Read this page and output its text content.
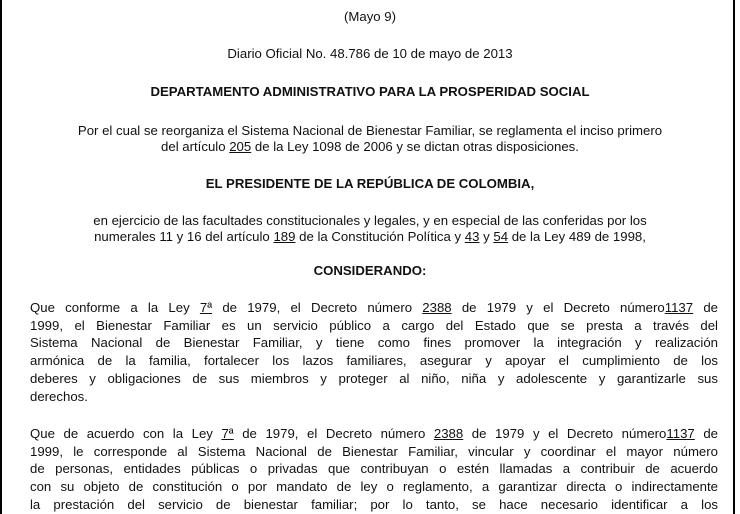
(Mayo 9)
Diario Oficial No. 48.786 de 10 de mayo de 2013
DEPARTAMENTO ADMINISTRATIVO PARA LA PROSPERIDAD SOCIAL
Por el cual se reorganiza el Sistema Nacional de Bienestar Familiar, se reglamenta el inciso primero
del artículo 205 de la Ley 1098 de 2006 y se dictan otras disposiciones.
EL PRESIDENTE DE LA REPÚBLICA DE COLOMBIA,
en ejercicio de las facultades constitucionales y legales, y en especial de las conferidas por los
numerales 11 y 16 del artículo 189 de la Constitución Política y 43 y 54 de la Ley 489 de 1998,
CONSIDERANDO:
Que conforme a la Ley 7ª de 1979, el Decreto número 2388 de 1979 y el Decreto número1137 de
1999, el Bienestar Familiar es un servicio público a cargo del Estado que se presta a través del
Sistema Nacional de Bienestar Familiar, y tiene como fines promover la integración y realización
armónica de la familia, fortalecer los lazos familiares, asegurar y apoyar el cumplimiento de los
deberes y obligaciones de sus miembros y proteger al niño, niña y adolescente y garantizarle sus
derechos.
Que de acuerdo con la Ley 7ª de 1979, el Decreto número 2388 de 1979 y el Decreto número1137 de
1999, le corresponde al Sistema Nacional de Bienestar Familiar, vincular y coordinar el mayor número
de personas, entidades públicas o privadas que contribuyan o estén llamadas a contribuir de acuerdo
con su objeto de constitución o por mandato de ley o reglamento, a garantizar directa o indirectamente
la prestación del servicio de bienestar familiar; por lo tanto, se hace necesario identificar a los
